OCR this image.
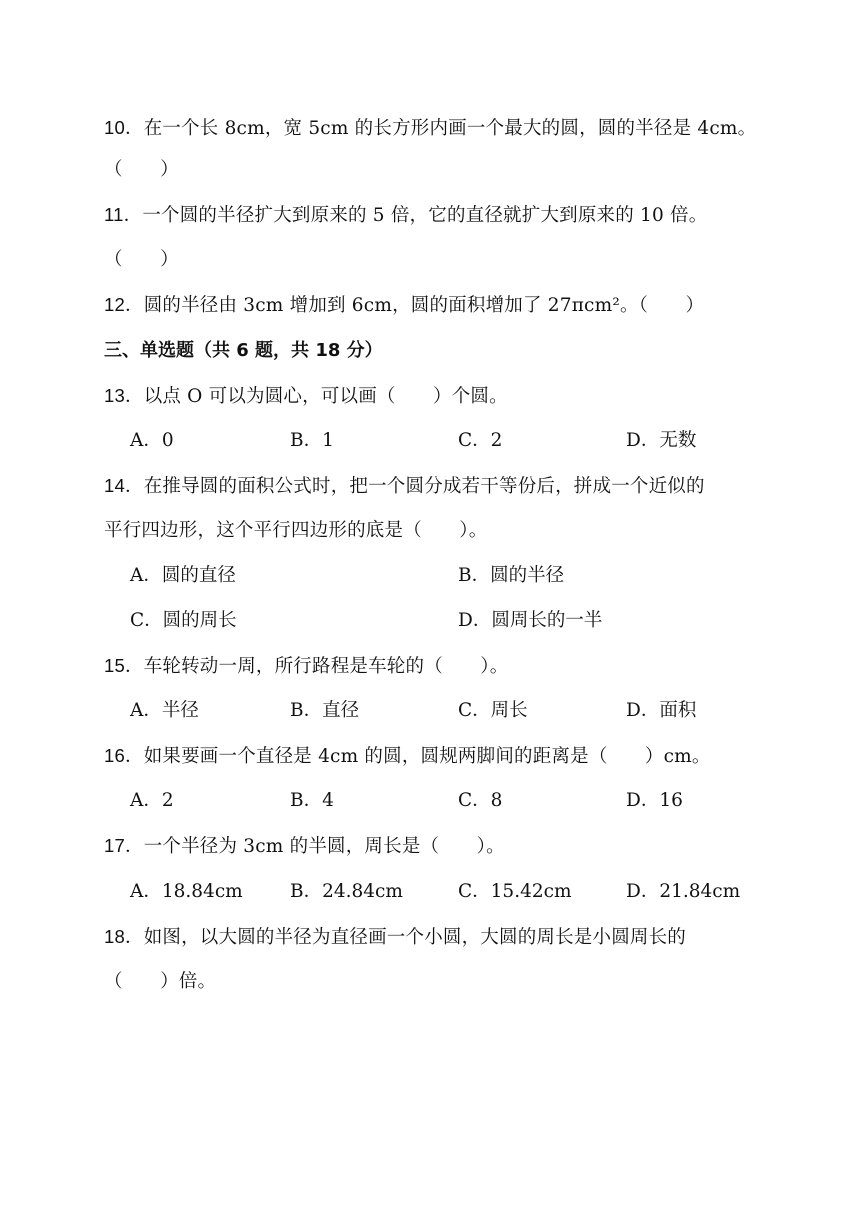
10．在一个长 8cm，宽 5cm 的长方形内画一个最大的圆，圆的半径是 4cm。
（　　）
11．一个圆的半径扩大到原来的 5 倍，它的直径就扩大到原来的 10 倍。
（　　）
12．圆的半径由 3cm 增加到 6cm，圆的面积增加了 27πcm²。（　　）
三、单选题（共 6 题，共 18 分）
13．以点 O 可以为圆心，可以画（　　）个圆。
A．0	B．1	C．2	D．无数
14．在推导圆的面积公式时，把一个圆分成若干等份后，拼成一个近似的
平行四边形，这个平行四边形的底是（　　）。
A．圆的直径	B．圆的半径
C．圆的周长	D．圆周长的一半
15．车轮转动一周，所行路程是车轮的（　　）。
A．半径	B．直径	C．周长	D．面积
16．如果要画一个直径是 4cm 的圆，圆规两脚间的距离是（　　）cm。
A．2	B．4	C．8	D．16
17．一个半径为 3cm 的半圆，周长是（　　）。
A．18.84cm	B．24.84cm	C．15.42cm	D．21.84cm
18．如图，以大圆的半径为直径画一个小圆，大圆的周长是小圆周长的
（　　）倍。
